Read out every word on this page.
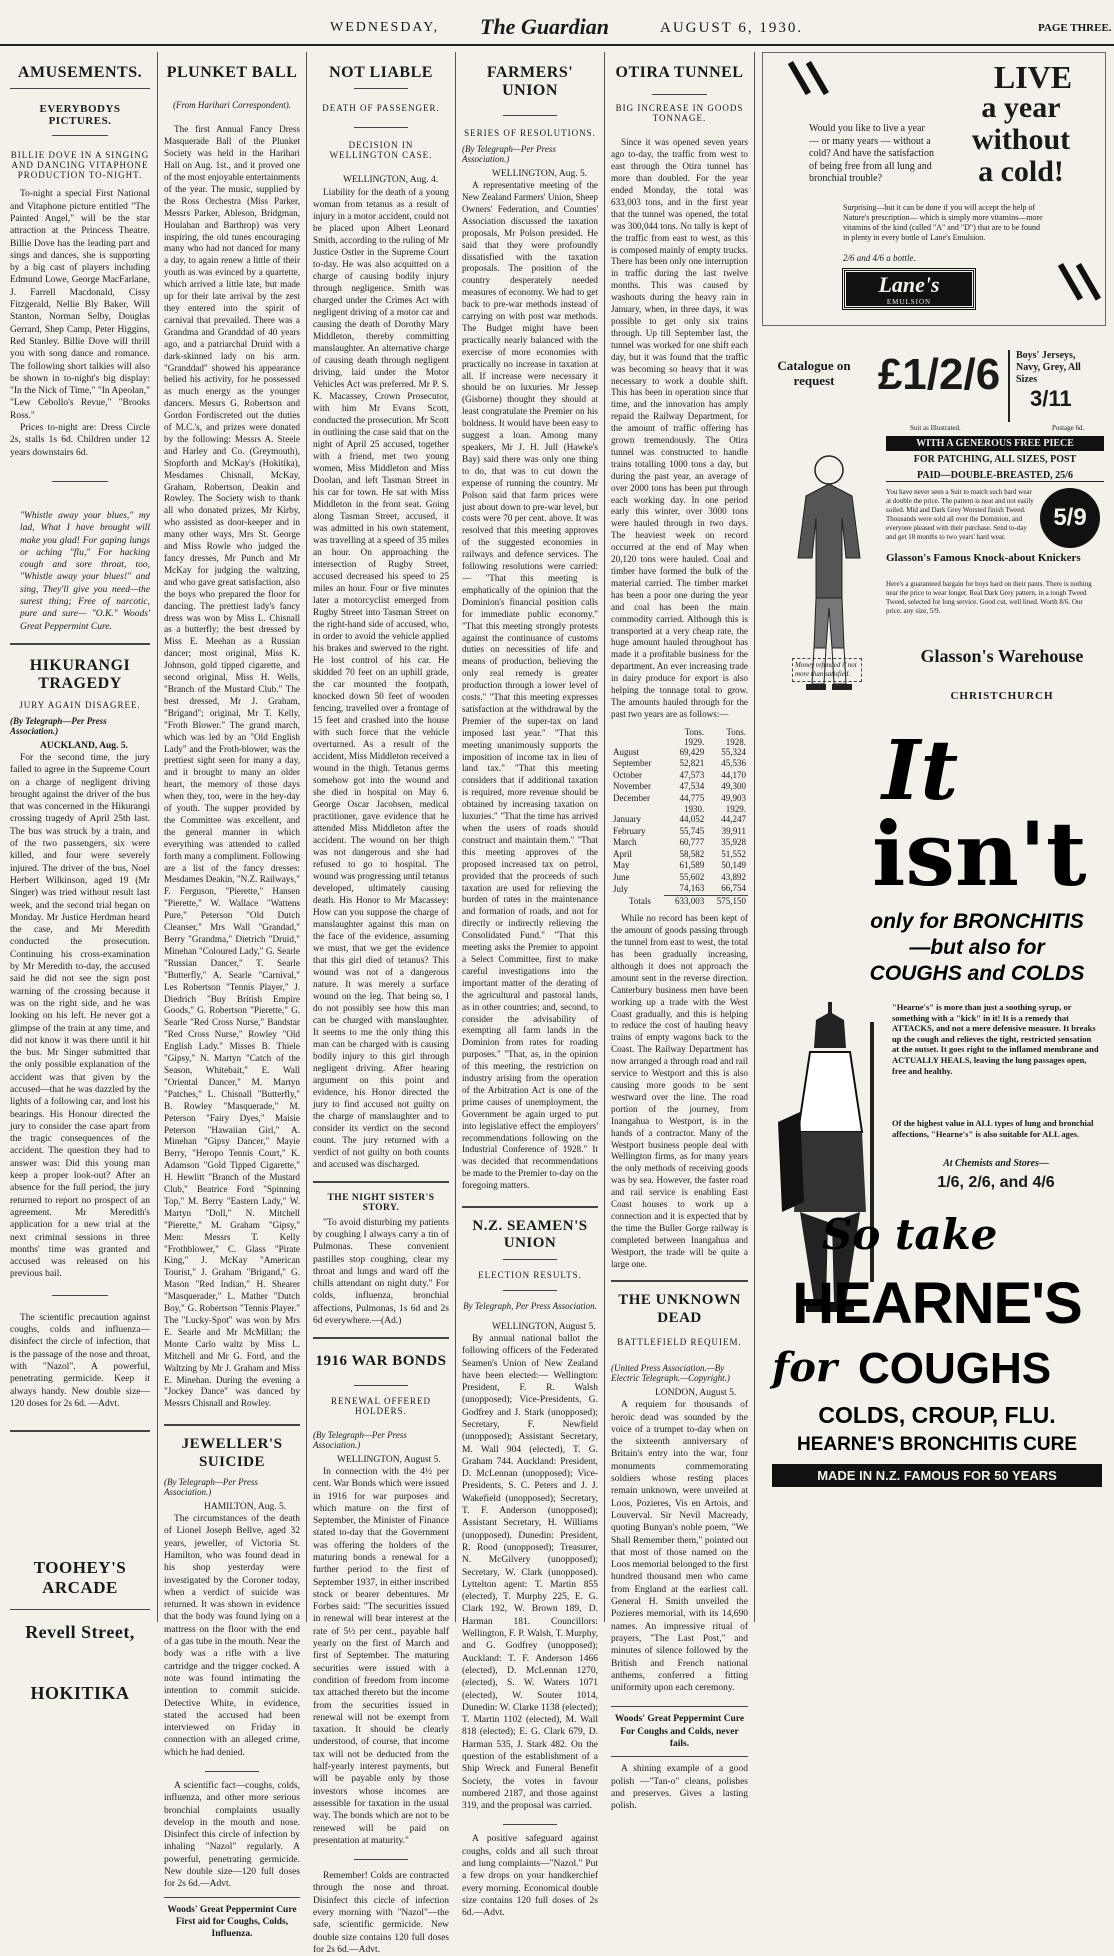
WEDNESDAY, The Guardian	AUGUST 6, 1930.	PAGE THREE.
AMUSEMENTS.
EVERYBODYS PICTURES.
BILLIE DOVE IN A SINGING AND DANCING VITAPHONE PRODUCTION TO-NIGHT.

To-night a special First National and Vitaphone picture entitled "The Painted Angel," will be the star attraction at the Princess Theatre. Billie Dove has the leading part and sings and dances, she is supporting by a big cast of players including Edmund Lowe, George MacFarlane, J. Farrell Macdonald, Cissy Fitzgerald, Nellie Bly Baker, Will Stanton, Norman Selby, Douglas Gerrard, Shep Camp, Peter Higgins, Red Stanley. Billie Dove will thrill you with song dance and romance. The following short talkies will also be shown in to-night's big display: "In the Nick of Time," "In Apeolan," "Lew Cebollo's Revue," "Brooks Ross."

Prices to-night are: Dress Circle 2s, stalls 1s 6d. Children under 12 years downstairs 6d.

"Whistle away your blues," my lad, What I have brought will make you glad! For gaping lungs or aching "flu," For hacking cough and sore throat, too, "Whistle away your blues!" and sing, They'll give you need—the surest thing; Free of narcotic, pure and sure— "O.K." Woods' Great Peppermint Cure.

HIKURANGI TRAGEDY
JURY AGAIN DISAGREE.
(By Telegraph—Per Press Association.)
AUCKLAND, Aug. 5.

For the second time, the jury failed to agree in the Supreme Court on a charge of negligent driving brought against the driver of the bus that was concerned in the Hikurangi crossing tragedy of April 25th last. The bus was struck by a train, and of the two passengers, six were killed, and four were severely injured. The driver of the bus, Noel Herbert Wilkinson, aged 19 (Mr Singer) was tried without result last week, and the second trial began on Monday. Mr Justice Herdman heard the case, and Mr Meredith conducted the prosecution. Continuing his cross-examination by Mr Meredith to-day, the accused said he did not see the sign post warning of the crossing because it was on the right side, and he was looking on his left. He never got a glimpse of the train at any time, and did not know it was there until it hit the bus. Mr Singer submitted that the only possible explanation of the accident was that given by the accused—that he was dazzled by the lights of a following car, and lost his bearings. His Honour directed the jury to consider the case apart from the tragic consequences of the accident. The question they had to answer was: Did this young man keep a proper look-out? After an absence for the full period, the jury returned to report no prospect of an agreement. Mr Meredith's application for a new trial at the next criminal sessions in three months' time was granted and accused was released on his previous bail.

The scientific precaution against coughs, colds and influenza—disinfect the circle of infection, that is the passage of the nose and throat, with "Nazol". A powerful, penetrating germicide. Keep it always handy. New double size—120 doses for 2s 6d. —Advt.

TOOHEY'S ARCADE
Revell Street,
HOKITIKA
PLUNKET BALL
(From Harihari Correspondent).

The first Annual Fancy Dress Masquerade Ball of the Plunket Society was held in the Harihari Hall on Aug. 1st., and it proved one of the most enjoyable entertainments of the year. The music, supplied by the Ross Orchestra (Miss Parker, Messrs Parker, Ableson, Bridgman, Houlahan and Barthrop) was very inspiring, the old tunes encouraging many who had not danced for many a day, to again renew a little of their youth as was evinced by a quartette, which arrived a little late, but made up for their late arrival by the zest they entered into the spirit of carnival that prevailed. There was a Grandma and Granddad of 40 years ago, and a patriarchal Druid with a dark-skinned lady on his arm. "Granddad" showed his appearance belied his activity, for he possessed as much energy as the younger dancers. Messrs G. Robertson and Gordon Fordiscreted out the duties of M.C.'s, and prizes were donated by the following: Messrs A. Steele and Harley and Co. (Greymouth), Stopforth and McKay's (Hokitika), Mesdames Chisnall, McKay, Graham, Robertson, Deakin and Rowley. The Society wish to thank all who donated prizes, Mr Kirby, who assisted as door-keeper and in many other ways, Mrs St. George and Miss Rowle who judged the fancy dresses, Mr Punch and Mr McKay for judging the waltzing, and who gave great satisfaction, also the boys who prepared the floor for dancing. The prettiest lady's fancy dress was won by Miss L. Chisnall as a butterfly; the best dressed by Miss E. Meehan as a Russian dancer; most original, Miss K. Johnson, gold tipped cigarette, and second original, Miss H. Wells, "Branch of the Mustard Club." The best dressed, Mr J. Graham, "Brigand"; original, Mr T. Kelly, "Froth Blower." The grand march, which was led by an "Old English Lady" and the Froth-blower, was the prettiest sight seen for many a day, and it brought to many an older heart, the memory of those days when they, too, were in the hey-day of youth. The supper provided by the Committee was excellent, and the general manner in which everything was attended to called forth many a compliment. Following are a list of the fancy dresses: Mesdames Deakin, "N.Z. Railways," F. Ferguson, "Pierette," Hansen "Pierette," W. Wallace "Wattens Pure," Peterson "Old Dutch Cleanser," Mrs Wall "Grandad," Berry "Grandma," Dietrich "Druid," Minehan "Coloured Lady," G. Searle "Russian Dancer," T. Searle "Butterfly," A. Searle "Carnival," Les Robertson "Tennis Player," J. Diedrich "Buy British Empire Goods," G. Robertson "Pierette," G. Searle "Red Cross Nurse," Bandstar "Red Cross Nurse," Rowley "Old English Lady." Misses B. Thiele "Gipsy," N. Martyn "Catch of the Season, Whitebait," E. Wall "Oriental Dancer," M. Martyn "Patches," L. Chisnall "Butterfly," B. Rowley "Masquerade," M. Peterson "Fairy Dyes," Maisie Peterson "Hawaiian Girl," A. Minehan "Gipsy Dancer," Mayie Berry, "Heropo Tennis Court," K. Adamson "Gold Tipped Cigarette," H. Hewlitt "Branch of the Mustard Club," Beatrice Ford "Spinning Top," M. Berry "Eastern Lady," W. Martyn "Doll," N. Mitchell "Pierette," M. Graham "Gipsy," Men: Messrs T. Kelly "Frothblower," C. Glass "Pirate King," J. McKay "American Tourist," J. Graham "Brigand," G. Mason "Red Indian," H. Shearer "Masquerader," L. Mather "Dutch Boy," G. Robertson "Tennis Player." The "Lucky-Spot" was won by Mrs E. Searle and Mr McMillan; the Monte Carlo waltz by Miss L. Mitchell and Mr G. Ford, and the Waltzing by Mr J. Graham and Miss E. Minehan. During the evening a "Jockey Dance" was danced by Messrs Chisnall and Rowley.

JEWELLER'S SUICIDE
(By Telegraph—Per Press Association.)
HAMILTON, Aug. 5.

The circumstances of the death of Lionel Joseph Bellve, aged 32 years, jeweller, of Victoria St. Hamilton, who was found dead in his shop yesterday were investigated by the Coroner today, when a verdict of suicide was returned. It was shown in evidence that the body was found lying on a mattress on the floor with the end of a gas tube in the mouth. Near the body was a rifle with a live cartridge and the trigger cocked. A note was found intimating the intention to commit suicide. Detective White, in evidence, stated the accused had been interviewed on Friday in connection with an alleged crime, which he had denied.

A scientific fact—coughs, colds, influenza, and other more serious bronchial complaints usually develop in the mouth and nose. Disinfect this circle of infection by inhaling "Nazol" regularly. A powerful, penetrating germicide. New double size—120 full doses for 2s 6d.—Advt.

Woods' Great Peppermint Cure First aid for Coughs, Colds, Influenza.

NOT LIABLE
DEATH OF PASSENGER.
DECISION IN WELLINGTON CASE.
WELLINGTON, Aug. 4.

Liability for the death of a young woman from tetanus as a result of injury in a motor accident, could not be placed upon Albert Leonard Smith, according to the ruling of Mr Justice Ostler in the Supreme Court to-day. He was also acquitted on a charge of causing bodily injury through negligence. Smith was charged under the Crimes Act with negligent driving of a motor car and causing the death of Dorothy Mary Middleton, thereby committing manslaughter. An alternative charge of causing death through negligent driving, laid under the Motor Vehicles Act was preferred. Mr P. S. K. Macassey, Crown Prosecutor, with him Mr Evans Scott, conducted the prosecution. Mr Scott in outlining the case said that on the night of April 25 accused, together with a friend, met two young women, Miss Middleton and Miss Doolan, and left Tasman Street in his car for town. He sat with Miss Middleton in the front seat. Going along Tasman Street, accused, it was admitted in his own statement, was travelling at a speed of 35 miles an hour. On approaching the intersection of Rugby Street, accused decreased his speed to 25 miles an hour. Four or five minutes later a motorcyclist emerged from Rugby Street into Tasman Street on the right-hand side of accused, who, in order to avoid the vehicle applied his brakes and swerved to the right. He lost control of his car. He skidded 70 feet on an uphill grade, the car mounted the footpath, knocked down 50 feet of wooden fencing, travelled over a frontage of 15 feet and crashed into the house with such force that the vehicle overturned. As a result of the accident, Miss Middleton received a wound in the thigh. Tetanus germs somehow got into the wound and she died in hospital on May 6. George Oscar Jacobsen, medical practitioner, gave evidence that he attended Miss Middleton after the accident. The wound on her thigh was not dangerous and she had refused to go to hospital. The wound was progressing until tetanus developed, ultimately causing death. His Honor to Mr Macassey: How can you suppose the charge of manslaughter against this man on the face of the evidence, assuming we must, that we get the evidence that this girl died of tetanus? This wound was not of a dangerous nature. It was merely a surface wound on the leg. That being so, I do not possibly see how this man can be charged with manslaughter. It seems to me the only thing this man can be charged with is causing bodily injury to this girl through negligent driving. After hearing argument on this point and evidence, his Honor directed the jury to find accused not guilty on the charge of manslaughter and to consider its verdict on the second count. The jury returned with a verdict of not guilty on both counts and accused was discharged.

THE NIGHT SISTER'S STORY.

"To avoid disturbing my patients by coughing I always carry a tin of Pulmonas. These convenient pastilles stop coughing, clear my throat and lungs and ward off the chills attendant on night duty." For colds, influenza, bronchial affections, Pulmonas, 1s 6d and 2s 6d everywhere.—(Ad.)

1916 WAR BONDS
RENEWAL OFFERED HOLDERS.
(By Telegraph—Per Press Association.)
WELLINGTON, August 5.

In connection with the 4½ per cent. War Bonds which were issued in 1916 for war purposes and which mature on the first of September, the Minister of Finance stated to-day that the Government was offering the holders of the maturing bonds a renewal for a further period to the first of September 1937, in either inscribed stock or bearer debentures. Mr Forbes said: "The securities issued in renewal will bear interest at the rate of 5½ per cent., payable half yearly on the first of March and first of September. The maturing securities were issued with a condition of freedom from income tax attached thereto but the income from the securities issued in renewal will not be exempt from taxation. It should be clearly understood, of course, that income tax will not be deducted from the half-yearly interest payments, but will be payable only by those investors whose incomes are assessible for taxation in the usual way. The bonds which are not to be renewed will be paid on presentation at maturity."

Remember! Colds are contracted through the nose and throat. Disinfect this circle of infection every morning with "Nazol"—the safe, scientific germicide. New double size contains 120 full doses for 2s 6d.—Advt.

FARMERS' UNION
SERIES OF RESOLUTIONS.
(By Telegraph—Per Press Association.)
WELLINGTON, Aug. 5.

A representative meeting of the New Zealand Farmers' Union, Sheep Owners' Federation, and Counties' Association discussed the taxation proposals, Mr Polson presided. He said that they were profoundly dissatisfied with the taxation proposals. The position of the country desperately needed measures of economy. We had to get back to pre-war methods instead of carrying on with post war methods. The Budget might have been practically nearly balanced with the exercise of more economies with practically no increase in taxation at all. If increase were necessary it should be on luxuries. Mr Jessep (Gisborne) thought they should at least congratulate the Premier on his boldness. It would have been easy to suggest a loan. Among many speakers, Mr J. H. Jull (Hawke's Bay) said there was only one thing to do, that was to cut down the expense of running the country. Mr Polson said that farm prices were just about down to pre-war level, but costs were 70 per cent. above. It was resolved that this meeting approves of the suggested economies in railways and defence services. The following resolutions were carried:— "That this meeting is emphatically of the opinion that the Dominion's financial position calls for immediate public economy." "That this meeting strongly protests against the continuance of customs duties on necessities of life and means of production, believing the only real remedy is greater production through a lower level of costs." "That this meeting expresses satisfaction at the withdrawal by the Premier of the super-tax on land imposed last year." "That this meeting unanimously supports the imposition of income tax in lieu of land tax." "That this meeting considers that if additional taxation is required, more revenue should be obtained by increasing taxation on luxuries." "That the time has arrived when the users of roads should construct and maintain them." "That this meeting approves of the proposed increased tax on petrol, provided that the proceeds of such taxation are used for relieving the burden of rates in the maintenance and formation of roads, and not for directly or indirectly relieving the Consolidated Fund." "That this meeting asks the Premier to appoint a Select Committee, first to make careful investigations into the important matter of the derating of the agricultural and pastoral lands, as in other countries; and, second, to consider the advisability of exempting all farm lands in the Dominion from rates for roading purposes." "That, as, in the opinion of this meeting, the restriction on industry arising from the operation of the Arbitration Act is one of the prime causes of unemployment, the Government be again urged to put into legislative effect the employers' recommendations following on the Industrial Conference of 1928." It was decided that recommendations be made to the Premier to-day on the foregoing matters.

N.Z. SEAMEN'S UNION
ELECTION RESULTS.
By Telegraph, Per Press Association.
WELLINGTON, August 5.

By annual national ballot the following officers of the Federated Seamen's Union of New Zealand have been elected:— Wellington: President, F. R. Walsh (unopposed); Vice-Presidents, G. Godfrey and J. Stark (unopposed); Secretary, F. Newfield (unopposed); Assistant Secretary, M. Wall 904 (elected), T. G. Graham 744. Auckland: President, D. McLennan (unopposed); Vice-Presidents, S. C. Peters and J. J. Wakefield (unopposed); Secretary, T. F. Anderson (unopposed); Assistant Secretary, H. Williams (unopposed). Dunedin: President, R. Rood (unopposed); Treasurer, N. McGilvery (unopposed); Secretary, W. Clark (unopposed). Lyttelton agent: T. Martin 855 (elected), T. Murphy 225, E. G. Clark 192, W. Brown 189, D. Harman 181. Councillors: Wellington, F. P. Walsh, T. Murphy, and G. Godfrey (unopposed); Auckland: T. F. Anderson 1466 (elected), D. McLennan 1270, (elected), S. W. Waters 1071 (elected), W. Souter 1014, Dunedin: W. Clarke 1138 (elected); T. Martin 1102 (elected), M. Wall 818 (elected); E. G. Clark 679, D. Harman 535, J. Stark 482. On the question of the establishment of a Ship Wreck and Funeral Benefit Society, the votes in favour numbered 2187, and those against 319, and the proposal was carried.

A positive safeguard against coughs, colds and all such throat and lung complaints—"Nazol." Put a few drops on your handkerchief every morning. Economical double size contains 120 full doses of 2s 6d.—Advt.

OTIRA TUNNEL
BIG INCREASE IN GOODS TONNAGE.

Since it was opened seven years ago to-day, the traffic from west to east through the Otira tunnel has more than doubled. For the year ended Monday, the total was 633,003 tons, and in the first year that the tunnel was opened, the total was 300,044 tons. No tally is kept of the traffic from east to west, as this is composed mainly of empty trucks. There has been only one interruption in traffic during the last twelve months. This was caused by washouts during the heavy rain in January, when, in three days, it was possible to get only six trains through. Up till September last, the tunnel was worked for one shift each day, but it was found that the traffic was becoming so heavy that it was necessary to work a double shift. This has been in operation since that time, and the innovation has amply repaid the Railway Department, for the amount of traffic offering has grown tremendously. The Otira tunnel was constructed to handle trains totalling 1000 tons a day, but during the past year, an average of over 2000 tons has been put through each working day. In one period early this winter, over 3000 tons were hauled through in two days. The heaviest week on record occurred at the end of May when 20,120 tons were hauled. Coal and timber have formed the bulk of the material carried. The timber market has been a poor one during the year and coal has been the main commodity carried. Although this is transported at a very cheap rate, the huge amount hauled throughout has made it a profitable business for the department. An ever increasing trade in dairy produce for export is also helping the tonnage total to grow. The amounts hauled through for the past two years are as follows:—

	Tons.	Tons.
	1929.	1928.
August	69,429	55,324
September	52,821	45,536
October	47,573	44,170
November	47,534	49,300
December	44,775	49,903
	1930.	1929.
January	44,052	44,247
February	55,745	39,911
March	60,777	35,928
April	58,582	51,552
May	61,589	50,149
June	55,602	43,892
July	74,163	66,754
Totals	633,003	575,150

While no record has been kept of the amount of goods passing through the tunnel from east to west, the total has been gradually increasing, although it does not approach the amount sent in the reverse direction. Canterbury business men have been working up a trade with the West Coast gradually, and this is helping to reduce the cost of hauling heavy trains of empty wagons back to the Coast. The Railway Department has now arranged a through road and rail service to Westport and this is also causing more goods to be sent westward over the line. The road portion of the journey, from Inangahua to Westport, is in the hands of a contractor. Many of the Westport business people deal with Wellington firms, as for many years the only methods of receiving goods was by sea. However, the faster road and rail service is enabling East Coast houses to work up a connection and it is expected that by the time the Buller Gorge railway is completed between Inangahua and Westport, the trade will be quite a large one.

THE UNKNOWN DEAD
BATTLEFIELD REQUIEM.
(United Press Association.—By Electric Telegraph.—Copyright.)
LONDON, August 5.

A requiem for thousands of heroic dead was sounded by the voice of a trumpet to-day when on the sixteenth anniversary of Britain's entry into the war, four monuments commemorating soldiers whose resting places remain unknown, were unveiled at Loos, Pozieres, Vis en Artois, and Louverval. Sir Nevil Macready, quoting Bunyan's noble poem, "We Shall Remember them," pointed out that most of those named on the Loos memorial belonged to the first hundred thousand men who came from England at the earliest call. General H. Smith unveiled the Pozieres memorial, with its 14,690 names. An impressive ritual of prayers, "The Last Post," and minutes of silence followed by the British and French national anthems, conferred a fitting uniformity upon each ceremony.

Woods' Great Peppermint Cure For Coughs and Colds, never fails.

A shining example of a good polish —"Tan-o" cleans, polishes and preserves. Gives a lasting polish.

LIVE
a year
without
a cold!

Would you like to live a year — or many years — without a cold? And have the satisfaction of being free from all lung and bronchial trouble?

Surprising—but it can be done if you will accept the help of Nature's prescription— which is simply more vitamins—more vitamins of the kind (called "A" and "D") that are to be found in plenty in every bottle of Lane's Emulsion.

2/6 and 4/6 a bottle.
Lane's
EMULSION
Catalogue on request £1/2/6	Boys' Jerseys, Navy, Grey, All Sizes
3/11
Postage 6d.
Suit as Illustrated.
WITH A GENEROUS FREE PIECE
FOR PATCHING, ALL SIZES, POST
PAID—DOUBLE-BREASTED, 25/6

You have never seen a Suit to match such hard wear at double the price. The pattern is neat and not easily soiled. Mid and Dark Grey Worsted finish Tweed. Thousands were sold all over the Dominion, and everyone pleased with their purchase. Send to-day and get 18 months to two years' hard wear.

5/9
Glasson's Famous Knock-about Knickers

Here's a guaranteed bargain for boys hard on their pants. There is nothing near the price to wear longer. Real Dark Grey pattern, in a tough Tweed Tweed, selected for long service. Good cut, well lined. Worth 8/6. Our price, any size, 5/9.

Money refunded if not more than satisfied.
Glasson's Warehouse
CHRISTCHURCH
It
isn't
only for BRONCHITIS
—but also for
COUGHS and COLDS

"Hearne's" is more than just a soothing syrup, or something with a "kick" in it! It is a remedy that ATTACKS, and not a mere defensive measure. It breaks up the cough and relieves the tight, restricted sensation at the outset. It goes right to the inflamed membrane and ACTUALLY HEALS, leaving the lung passages open, free and healthy.

Of the highest value in ALL types of lung and bronchial affections, "Hearne's" is also suitable for ALL ages.

At Chemists and Stores—
1/6, 2/6, and 4/6
So take
HEARNE'S
for COUGHS
COLDS, CROUP, FLU.
HEARNE'S BRONCHITIS CURE
MADE IN N.Z. FAMOUS FOR 50 YEARS
